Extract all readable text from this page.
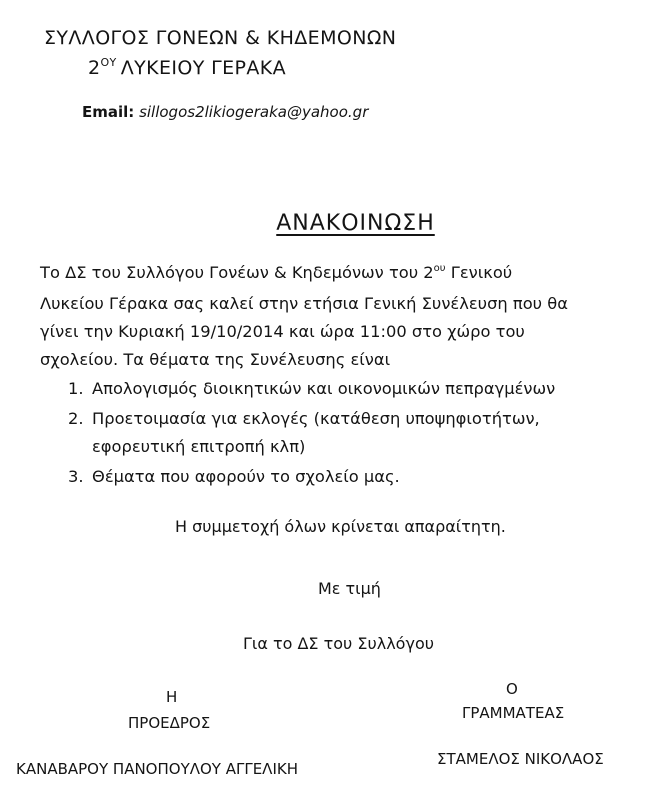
ΣΥΛΛΟΓΟΣ ΓΟΝΕΩΝ & ΚΗΔΕΜΟΝΩΝ
$2^{O\Upsilon}$ ΛΥΚΕΙΟΥ ΓΕΡΑΚΑ
Email: sillogos2likiogeraka@yahoo.gr
ΑΝΑΚΟΙΝΩΣΗ
Το ΔΣ του Συλλόγου Γονέων & Κηδεμόνων του $2^{o\upsilon}$ Γενικού
Λυκείου Γέρακα σας καλεί στην ετήσια Γενική Συνέλευση που θα
γίνει την Κυριακή 19/10/2014 και ώρα 11:00 στο χώρο του
σχολείου. Τα θέματα της Συνέλευσης είναι
1. Απολογισμός διοικητικών και οικονομικών πεπραγμένων
2. Προετοιμασία για εκλογές (κατάθεση υποψηφιοτήτων,
εφορευτική επιτροπή κλπ)
3. Θέματα που αφορούν το σχολείο μας.
Η συμμετοχή όλων κρίνεται απαραίτητη.
Με τιμή
Για το ΔΣ του Συλλόγου
Η
ΠΡΟΕΔΡΟΣ
ΚΑΝΑΒΑΡΟΥ ΠΑΝΟΠΟΥΛΟΥ ΑΓΓΕΛΙΚΗ
Ο
ΓΡΑΜΜΑΤΕΑΣ
ΣΤΑΜΕΛΟΣ ΝΙΚΟΛΑΟΣ
